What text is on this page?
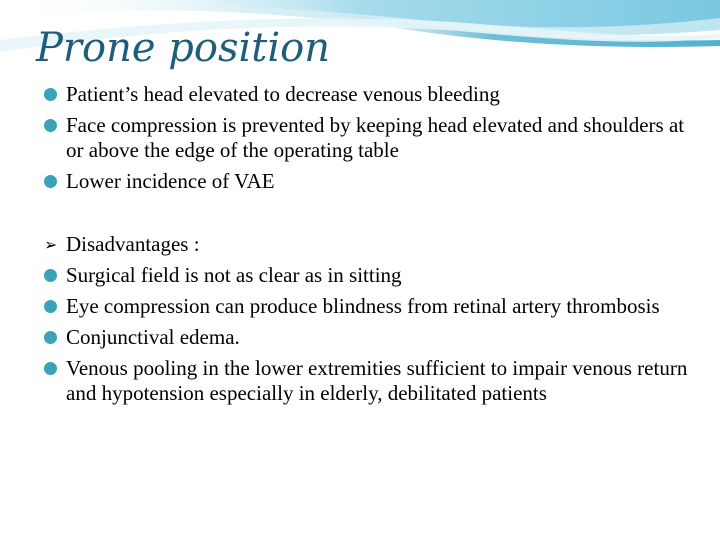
Prone position
Patient’s head elevated to decrease venous bleeding
Face compression is prevented by keeping head elevated and shoulders at or above the edge of the operating table
Lower incidence of VAE
➢ Disadvantages :
Surgical field is not as clear as in sitting
Eye compression can produce blindness from retinal artery thrombosis
Conjunctival edema.
Venous pooling in the lower extremities sufficient to impair venous return and hypotension especially in elderly, debilitated patients
